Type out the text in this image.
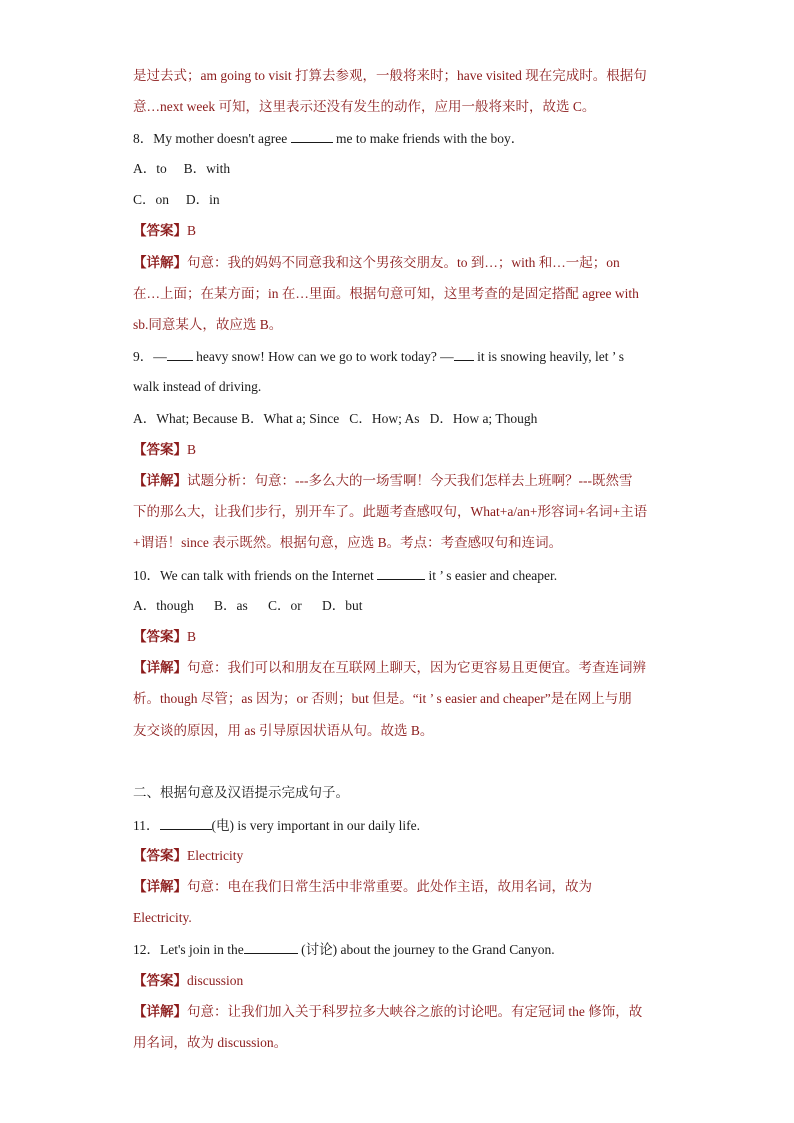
是过去式；am going to visit 打算去参观，一般将来时；have visited 现在完成时。根据句
意…next week 可知，这里表示还没有发生的动作，应用一般将来时，故选 C。
8．My mother doesn't agree	me to make friends with the boy．
A．to B．with
C．on D．in
【答案】B
【详解】句意：我的妈妈不同意我和这个男孩交朋友。to 到…；with 和…一起；on
在…上面；在某方面；in 在…里面。根据句意可知，这里考查的是固定搭配 agree with
sb.同意某人，故应选 B。
9．— heavy snow! How can we go to work today? — it is snowing heavily, let ’ s
walk instead of driving.
A．What; Because B．What a; Since   C．How; As   D．How a; Though
【答案】B
【详解】试题分析：句意：---多么大的一场雪啊！今天我们怎样去上班啊？---既然雪
下的那么大，让我们步行，别开车了。此题考查感叹句，What+a/an+形容词+名词+主语
+谓语！since 表示既然。根据句意，应选 B。考点：考查感叹句和连词。
10．We can talk with friends on the Internet	it ’ s easier and cheaper.
A．though      B．as      C．or      D．but
【答案】B
【详解】句意：我们可以和朋友在互联网上聊天，因为它更容易且更便宜。考查连词辨
析。though 尽管；as 因为；or 否则；but 但是。“it ’ s easier and cheaper”是在网上与朋
友交谈的原因，用 as 引导原因状语从句。故选 B。
二、根据句意及汉语提示完成句子。
11．	(电) is very important in our daily life.
【答案】Electricity
【详解】句意：电在我们日常生活中非常重要。此处作主语，故用名词，故为
Electricity.
12．Let's join in the	(讨论) about the journey to the Grand Canyon.
【答案】discussion
【详解】句意：让我们加入关于科罗拉多大峡谷之旅的讨论吧。有定冠词 the 修饰，故
用名词，故为 discussion。
